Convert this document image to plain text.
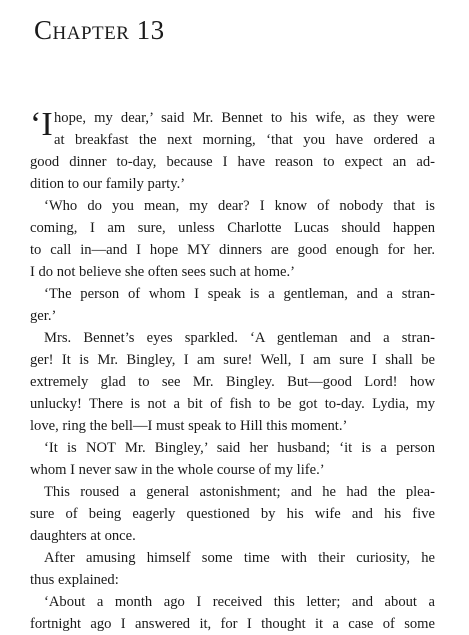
Chapter 13
‘I hope, my dear,’ said Mr. Bennet to his wife, as they were
at breakfast the next morning, ‘that you have ordered a
good dinner to-day, because I have reason to expect an ad-
dition to our family party.’
‘Who do you mean, my dear? I know of nobody that is
coming, I am sure, unless Charlotte Lucas should happen
to call in—and I hope MY dinners are good enough for her.
I do not believe she often sees such at home.’
‘The person of whom I speak is a gentleman, and a stran-
ger.’
Mrs. Bennet’s eyes sparkled. ‘A gentleman and a stran-
ger! It is Mr. Bingley, I am sure! Well, I am sure I shall be
extremely glad to see Mr. Bingley. But—good Lord! how
unlucky! There is not a bit of fish to be got to-day. Lydia, my
love, ring the bell—I must speak to Hill this moment.’
‘It is NOT Mr. Bingley,’ said her husband; ‘it is a person
whom I never saw in the whole course of my life.’
This roused a general astonishment; and he had the plea-
sure of being eagerly questioned by his wife and his five
daughters at once.
After amusing himself some time with their curiosity, he
thus explained:
‘About a month ago I received this letter; and about a
fortnight ago I answered it, for I thought it a case of some
